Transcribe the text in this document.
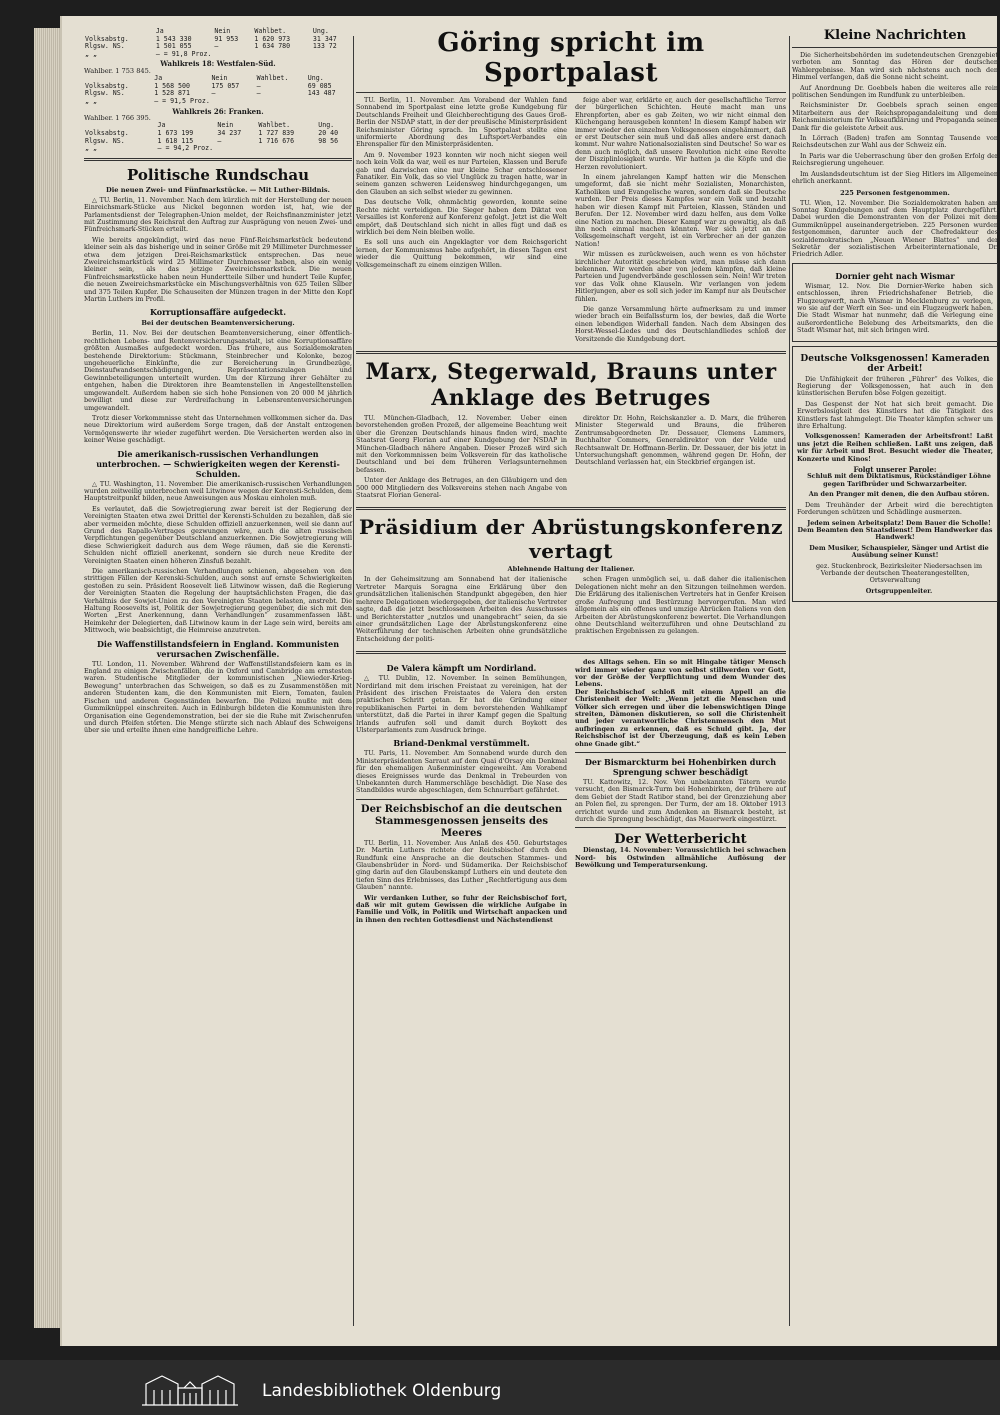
	Ja	Nein	Wahlbet.	Ung.
Volksabstg.	1 543 330	91 953	1 620 973	31 347
Rlgsw. NS.	1 501 055	—	1 634 780	133 72
„ „	— = 91,8 Proz.			
Wahlkreis 18: Westfalen-Süd.
Wahlber. 1 753 845.
	Ja	Nein	Wahlbet.	Ung.
Volksabstg.	1 568 500	175 057	—	69 085
Rlgsw. NS.	1 528 871	—	—	143 487
„ „	— = 91,5 Proz.			
Wahlkreis 26: Franken.
Wahlber. 1 766 395.
	Ja	Nein	Wahlbet.	Ung.
Volksabstg.	1 673 199	34 237	1 727 839	20 40
Rlgsw. NS.	1 618 115	—	1 716 676	98 56
„ „	— = 94,2 Proz.			
Politische Rundschau
Die neuen Zwei- und Fünfmarkstücke. — Mit Luther-Bildnis.

△ TU. Berlin, 11. November. Nach dem kürzlich mit der Herstellung der neuen Einreichsmark-Stücke aus Nickel begonnen worden ist, hat, wie der Parlamentsdienst der Telegraphen-Union meldet, der Reichsfinanzminister jetzt mit Zustimmung des Reichsrat den Auftrag zur Ausprägung von neuen Zwei- und Fünfreichsmark-Stücken erteilt.

Wie bereits angekündigt, wird das neue Fünf-Reichsmarkstück bedeutend kleiner sein als das bisherige und in seiner Größe mit 29 Millimeter Durchmesser etwa dem jetzigen Drei-Reichsmarkstück entsprechen. Das neue Zweireichsmarkstück wird 25 Millimeter Durchmesser haben, also ein wenig kleiner sein, als das jetzige Zweireichsmarkstück. Die neuen Fünfreichsmarkstücke haben neun Hundertteile Silber und hundert Teile Kupfer, die neuen Zweireichsmarkstücke ein Mischungsverhältnis von 625 Teilen Silber und 375 Teilen Kupfer. Die Schauseiten der Münzen tragen in der Mitte den Kopf Martin Luthers im Profil.

Korruptionsaffäre aufgedeckt.
Bei der deutschen Beamtenversicherung.

Berlin, 11. Nov. Bei der deutschen Beamtenversicherung, einer öffentlich-rechtlichen Lebens- und Rentenversicherungsanstalt, ist eine Korruptionsaffäre größten Ausmaßes aufgedeckt worden. Das frühere, aus Sozialdemokraten bestehende Direktorium: Stückmann, Steinbrecher und Kolonke, bezog ungeheuerliche Einkünfte, die zur Bereicherung in Grundbezüge, Dienstaufwandsentschädigungen, Repräsentationszulagen und Gewinnbeteiligungen unterteilt wurden. Um der Kürzung ihrer Gehälter zu entgehen, haben die Direktoren ihre Beamtenstellen in Angestelltenstellen umgewandelt. Außerdem haben sie sich hohe Pensionen von 20 000 M jährlich bewilligt und diese zur Verdreifachung in Lebensrentenversicherungen umgewandelt.

Trotz dieser Vorkommnisse steht das Unternehmen vollkommen sicher da. Das neue Direktorium wird außerdem Sorge tragen, daß der Anstalt entzogenen Vermögenswerte ihr wieder zugeführt werden. Die Versicherten werden also in keiner Weise geschädigt.

Die amerikanisch-russischen Verhandlungen unterbrochen. — Schwierigkeiten wegen der Kerensti-Schulden.

△ TU. Washington, 11. November. Die amerikanisch-russischen Verhandlungen wurden zeitweilig unterbrochen weil Litwinow wegen der Kerensti-Schulden, dem Hauptstreitpunkt bilden, neue Anweisungen aus Moskau einholen muß.

Es verlautet, daß die Sowjetregierung zwar bereit ist der Regierung der Vereinigten Staaten etwa zwei Drittel der Kerensti-Schulden zu bezahlen, daß sie aber vermeiden möchte, diese Schulden offiziell anzuerkennen, weil sie dann auf Grund des Rapallo-Vertrages gezwungen wäre, auch die alten russischen Verpflichtungen gegenüber Deutschland anzuerkennen. Die Sowjetregierung will diese Schwierigkeit dadurch aus dem Wege räumen, daß sie die Kerensti-Schulden nicht offiziell anerkennt, sondern sie durch neue Kredite der Vereinigten Staaten einen höheren Zinsfuß bezahlt.

Die amerikanisch-russischen Verhandlungen schienen, abgesehen von den strittigen Fällen der Kerenski-Schulden, auch sonst auf ernste Schwierigkeiten gestoßen zu sein. Präsident Roosevelt ließ Litwinow wissen, daß die Regierung der Vereinigten Staaten die Regelung der hauptsächlichsten Fragen, die das Verhältnis der Sowjet-Union zu den Vereinigten Staaten belasten, anstrebt. Die Haltung Roosevelts ist, Politik der Sowjetregierung gegenüber, die sich mit den Worten „Erst Anerkennung, dann Verhandlungen“ zusammenfassen läßt. Heimkehr der Delegierten, daß Litwinow kaum in der Lage sein wird, bereits am Mittwoch, wie beabsichtigt, die Heimreise anzutreten.

Die Waffenstillstandsfeiern in England. Kommunisten verursachen Zwischenfälle.

TU. London, 11. November. Während der Waffenstillstandsfeiern kam es in England zu einigen Zwischenfällen, die in Oxford und Cambridge am ernstesten waren. Studentische Mitglieder der kommunistischen „Niewieder-Krieg-Bewegung“ unterbrachen das Schweigen, so daß es zu Zusammenstößen mit anderen Studenten kam, die den Kommunisten mit Eiern, Tomaten, faulen Fischen und anderen Gegenständen bewarfen. Die Polizei mußte mit dem Gummiknüppel einschreiten. Auch in Edinburgh bildeten die Kommunisten ihre Organisation eine Gegendemonstration, bei der sie die Ruhe mit Zwischenrufen und durch Pfeifen störten. Die Menge stürzte sich nach Ablauf des Schweigens über sie und erteilte ihnen eine handgreifliche Lehre.

Göring spricht im Sportpalast

TU. Berlin, 11. November. Am Vorabend der Wahlen fand Sonnabend im Sportpalast eine letzte große Kundgebung für Deutschlands Freiheit und Gleichberechtigung des Gaues Groß-Berlin der NSDAP statt, in der der preußische Ministerpräsident Reichsminister Göring sprach. Im Sportpalast stellte eine uniformierte Abordnung des Luftsport-Verbandes ein Ehrenspalier für den Ministerpräsidenten.

Am 9. November 1923 konnten wir noch nicht siegen weil noch kein Volk da war, weil es nur Parteien, Klassen und Berufe gab und dazwischen eine nur kleine Schar entschlossener Fanatiker. Ein Volk, das so viel Unglück zu tragen hatte, war in seinem ganzen schweren Leidensweg hindurchgegangen, um den Glauben an sich selbst wieder zu gewinnen.

Das deutsche Volk, ohnmächtig geworden, konnte seine Rechte nicht verteidigen. Die Sieger haben dem Diktat von Versailles ist Konferenz auf Konferenz gefolgt. Jetzt ist die Welt empört, daß Deutschland sich nicht in alles fügt und daß es wirklich bei dem Nein bleiben wolle.

Es soll uns auch ein Angeklagter vor dem Reichsgericht lernen, der Kommunismus habe aufgehört, in diesen Tagen erst wieder die Quittung bekommen, wir sind eine Volksgemeinschaft zu einem einzigen Willen.

feige aber war, erklärte er, auch der gesellschaftliche Terror der bürgerlichen Schichten. Heute macht man uns Ehrenpforten, aber es gab Zeiten, wo wir nicht einmal den Küchengang herausgeben konnten! In diesem Kampf haben wir immer wieder den einzelnen Volksgenossen eingehämmert, daß er erst Deutscher sein muß und daß alles andere erst danach kommt. Nur wahre Nationalsozialisten sind Deutsche! So war es denn auch möglich, daß unsere Revolution nicht eine Revolte der Disziplinlosigkeit wurde. Wir hatten ja die Köpfe und die Herzen revolutioniert.

In einem jahrelangen Kampf hatten wir die Menschen umgeformt, daß sie nicht mehr Sozialisten, Monarchisten, Katholiken und Evangelische waren, sondern daß sie Deutsche wurden. Der Preis dieses Kampfes war ein Volk und bezahlt haben wir diesen Kampf mit Parteien, Klassen, Ständen und Berufen. Der 12. November wird dazu helfen, aus dem Volke eine Nation zu machen. Dieser Kampf war zu gewaltig, als daß ihn noch einmal machen könnten. Wer sich jetzt an die Volksgemeinschaft vergeht, ist ein Verbrecher an der ganzen Nation!

Wir müssen es zurückweisen, auch wenn es von höchster kirchlicher Autorität geschrieben wird, man müsse sich dann bekennen. Wir werden aber von jedem kämpfen, daß kleine Parteien und Jugendverbände geschlossen sein. Nein! Wir treten vor das Volk ohne Klauseln. Wir verlangen von jedem Hitlerjungen, aber es soll sich jeder im Kampf nur als Deutscher fühlen.

Die ganze Versammlung hörte aufmerksam zu und immer wieder brach ein Beifallssturm los, der bewies, daß die Worte einen lebendigen Widerhall fanden. Nach dem Absingen des Horst-Wessel-Liedes und des Deutschlandliedes schloß der Vorsitzende die Kundgebung dort.

Marx, Stegerwald, Brauns unter Anklage des Betruges

TU. München-Gladbach, 12. November. Ueber einen bevorstehenden großen Prozeß, der allgemeine Beachtung weit über die Grenzen Deutschlands hinaus finden wird, machte Staatsrat Georg Florian auf einer Kundgebung der NSDAP in München-Gladbach nähere Angaben. Dieser Prozeß wird sich mit den Vorkommnissen beim Volksverein für das katholische Deutschland und bei dem früheren Verlagsunternehmen befassen.

Unter der Anklage des Betruges, an den Gläubigern und den 500 000 Mitgliedern des Volksvereins stehen nach Angabe von Staatsrat Florian General-

direktor Dr. Hohn, Reichskanzler a. D. Marx, die früheren Minister Stegerwald und Brauns, die früheren Zentrumsabgeordneten Dr. Dessauer, Clemens Lammers, Buchhalter Commers, Generaldirektor von der Velde und Rechtsanwalt Dr. Hoffmann-Berlin. Dr. Dessauer, der bis jetzt in Untersuchungshaft genommen, während gegen Dr. Hohn, der Deutschland verlassen hat, ein Steckbrief ergangen ist.

Präsidium der Abrüstungskonferenz vertagt
Ablehnende Haltung der Italiener.

In der Geheimsitzung am Sonnabend hat der italienische Vertreter Marquis Soragna eine Erklärung über den grundsätzlichen italienischen Standpunkt abgegeben, den hier mehrere Delegationen wiedergegeben, der italienische Vertreter sagte, daß die jetzt beschlossenen Arbeiten des Ausschusses und Berichterstatter „nutzlos und unangebracht“ seien, da sie einer grundsätzlichen Lage der Abrüstungskonferenz eine Weiterführung der technischen Arbeiten ohne grundsätzliche Entscheidung der politi-

schen Fragen unmöglich sei, u. daß daher die italienischen Delegationen nicht mehr an den Sitzungen teilnehmen werden. Die Erklärung des italienischen Vertreters hat in Genfer Kreisen große Aufregung und Bestürzung hervorgerufen. Man wird allgemein als ein offenes und umzige Abrücken Italiens von den Arbeiten der Abrüstungskonferenz bewertet. Die Verhandlungen ohne Deutschland weiterzuführen und ohne Deutschland zu praktischen Ergebnissen zu gelangen.

De Valera kämpft um Nordirland.

△ TU. Dublin, 12. November. In seinen Bemühungen, Nordirland mit dem irischen Freistaat zu vereinigen, hat der Präsident des irischen Freistaates de Valera den ersten praktischen Schritt getan. Er hat die Gründung einer republikanischen Partei in dem bevorstehenden Wahlkampf unterstützt, daß die Partei in ihrer Kampf gegen die Spaltung Irlands aufrufen soll und damit durch Boykott des Ulsterparlaments zum Ausdruck bringe.

Briand-Denkmal verstümmelt.

TU. Paris, 11. November. Am Sonnabend wurde durch den Ministerpräsidenten Sarraut auf dem Quai d'Orsay ein Denkmal für den ehemaligen Außenminister eingeweiht. Am Vorabend dieses Ereignisses wurde das Denkmal in Trebeurden von Unbekannten durch Hammerschläge beschädigt. Die Nase des Standbildes wurde abgeschlagen, dem Schnurrbart gefährdet.

Der Reichsbischof an die deutschen Stammesgenossen jenseits des Meeres

TU. Berlin, 11. November. Aus Anlaß des 450. Geburtstages Dr. Martin Luthers richtete der Reichsbischof durch den Rundfunk eine Ansprache an die deutschen Stammes- und Glaubensbrüder in Nord- und Südamerika. Der Reichsbischof ging darin auf den Glaubenskampf Luthers ein und deutete den tiefen Sinn des Erlebnisses, das Luther „Rechtfertigung aus dem Glauben“ nannte.

Wir verdanken Luther, so fuhr der Reichsbischof fort, daß wir mit gutem Gewissen die wirkliche Aufgabe in Familie und Volk, in Politik und Wirtschaft anpacken und in ihnen den rechten Gottesdienst und Nächstendienst

des Alltags sehen. Ein so mit Hingabe tätiger Mensch wird immer wieder ganz von selbst stillwerden vor Gott, vor der Größe der Verpflichtung und dem Wunder des Lebens.
Der Reichsbischof schloß mit einem Appell an die Christenheit der Welt: „Wenn jetzt die Menschen und Völker sich erregen und über die lebenswichtigen Dinge streiten, Dämonen diskutieren, so soll die Christenheit und jeder verantwortliche Christenmensch den Mut aufbringen zu erkennen, daß es Schuld gibt. Ja, der Reichsbischof ist der Überzeugung, daß es kein Leben ohne Gnade gibt.“

Der Bismarckturm bei Hohenbirken durch Sprengung schwer beschädigt

TU. Kattowitz, 12. Nov. Von unbekannten Tätern wurde versucht, den Bismarck-Turm bei Hohenbirken, der frühere auf dem Gebiet der Stadt Ratibor stand, bei der Grenzziehung aber an Polen fiel, zu sprengen. Der Turm, der am 18. Oktober 1913 errichtet wurde und zum Andenken an Bismarck besteht, ist durch die Sprengung beschädigt, das Mauerwerk eingestürzt.

Der Wetterbericht

Dienstag, 14. November: Voraussichtlich bei schwachen Nord- bis Ostwinden allmähliche Auflösung der Bewölkung und Temperatursenkung.

Kleine Nachrichten

Die Sicherheitsbehörden im sudetendeutschen Grenzgebiet verboten am Sonntag das Hören der deutschen Wahlergebnisse. Man wird sich nächstens auch noch den Himmel verfangen, daß die Sonne nicht scheint.

Auf Anordnung Dr. Goebbels haben die weiteres alle rein politischen Sendungen im Rundfunk zu unterbleiben.

Reichsminister Dr. Goebbels sprach seinen engen Mitarbeitern aus der Reichspropagandaleitung und dem Reichsministerium für Volksaufklärung und Propaganda seinen Dank für die geleistete Arbeit aus.

In Lörrach (Baden) trafen am Sonntag Tausende von Reichsdeutschen zur Wahl aus der Schweiz ein.

In Paris war die Ueberraschung über den großen Erfolg der Reichsregierung ungeheuer.

Im Auslandsdeutschtum ist der Sieg Hitlers im Allgemeinen ehrlich anerkannt.

225 Personen festgenommen.

TU. Wien, 12. November. Die Sozialdemokraten haben am Sonntag Kundgebungen auf dem Hauptplatz durchgeführt. Dabei wurden die Demonstranten von der Polizei mit dem Gummiknüppel auseinandergetrieben. 225 Personen wurden festgenommen, darunter auch der Chefredakteur des sozialdemokratischen „Neuen Wiener Blattes“ und der Sekretär der sozialistischen Arbeiterinternationale, Dr. Friedrich Adler.

Dornier geht nach Wismar

Wismar, 12. Nov. Die Dornier-Werke haben sich entschlossen, ihren Friedrichshafener Betrieb, die Flugzeugwerft, nach Wismar in Mecklenburg zu verlegen, wo sie auf der Werft ein See- und ein Flugzeugwerk haben. Die Stadt Wismar hat nunmehr, daß die Verlegung eine außerordentliche Belebung des Arbeitsmarkts, den die Stadt Wismar hat, mit sich bringen wird.

Deutsche Volksgenossen! Kameraden der Arbeit!

Die Unfähigkeit der früheren „Führer“ des Volkes, die Regierung der Volksgenossen, hat auch in den künstlerischen Berufen böse Folgen gezeitigt.

Das Gespenst der Not hat sich breit gemacht. Die Erwerbslosigkeit des Künstlers hat die Tätigkeit des Künstlers fast lahmgelegt. Die Theater kämpfen schwer um ihre Erhaltung.

Volksgenossen! Kameraden der Arbeitsfront! Laßt uns jetzt die Reihen schließen. Laßt uns zeigen, daß wir für Arbeit und Brot. Besucht wieder die Theater, Konzerte und Kinos!

Folgt unserer Parole:

Schluß mit dem Diktatismus, Rückständiger Löhne gegen Tarifbrüder und Schwarzarbeiter.

An den Pranger mit denen, die den Aufbau stören.

Dem Treuhänder der Arbeit wird die berechtigten Forderungen schützen und Schädlinge ausmerzen.

Jedem seinen Arbeitsplatz! Dem Bauer die Scholle! Dem Beamten den Staatsdienst! Dem Handwerker das Handwerk!

Dem Musiker, Schauspieler, Sänger und Artist die Ausübung seiner Kunst!

gez. Stuckenbrock, Bezirksleiter Niedersachsen im Verbande der deutschen Theaterangestellten, Ortsverwaltung

Ortsgruppenleiter.

Landesbibliothek Oldenburg
